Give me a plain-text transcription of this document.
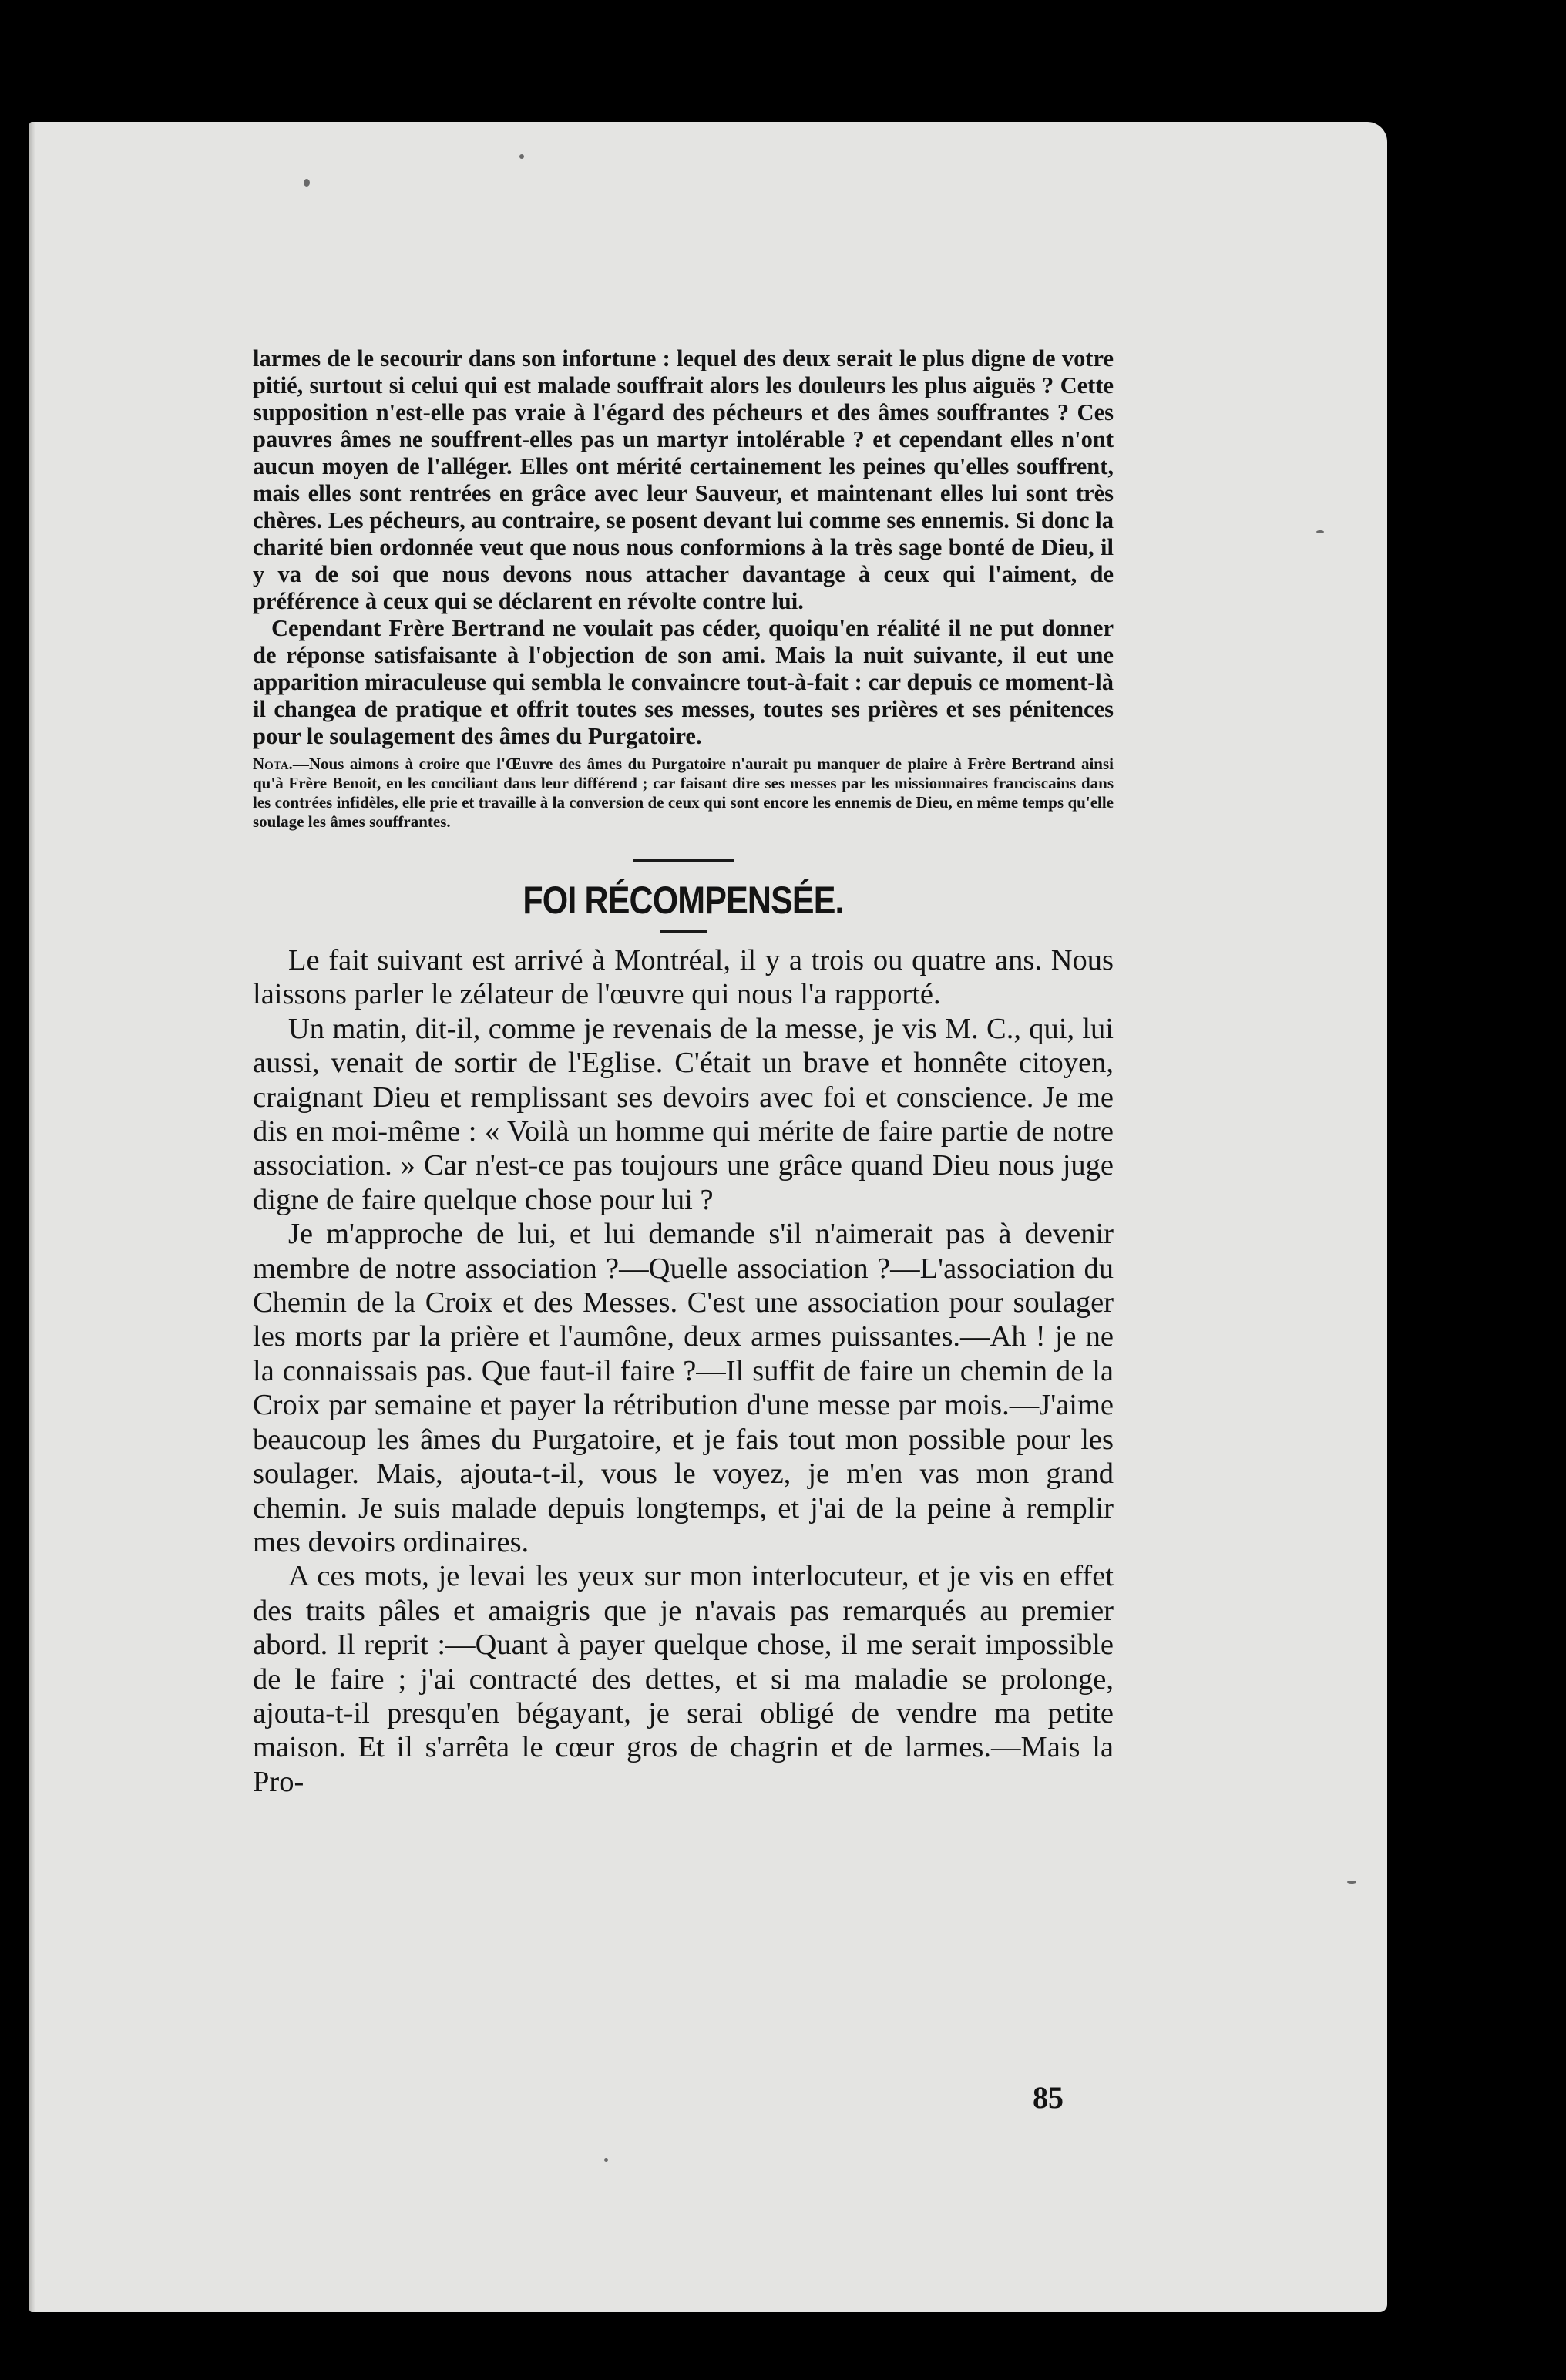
larmes de le secourir dans son infortune : lequel des deux serait le plus digne de votre pitié, surtout si celui qui est malade souffrait alors les douleurs les plus aiguës ? Cette supposition n'est-elle pas vraie à l'égard des pécheurs et des âmes souffrantes ? Ces pauvres âmes ne souffrent-elles pas un martyr intolérable ? et cependant elles n'ont aucun moyen de l'alléger. Elles ont mérité certainement les peines qu'elles souffrent, mais elles sont rentrées en grâce avec leur Sauveur, et maintenant elles lui sont très chères. Les pécheurs, au contraire, se posent devant lui comme ses ennemis. Si donc la charité bien ordonnée veut que nous nous conformions à la très sage bonté de Dieu, il y va de soi que nous devons nous attacher davantage à ceux qui l'aiment, de préférence à ceux qui se déclarent en révolte contre lui.

Cependant Frère Bertrand ne voulait pas céder, quoiqu'en réalité il ne put donner de réponse satisfaisante à l'objection de son ami. Mais la nuit suivante, il eut une apparition miraculeuse qui sembla le convaincre tout-à-fait : car depuis ce moment-là il changea de pratique et offrit toutes ses messes, toutes ses prières et ses pénitences pour le soulagement des âmes du Purgatoire.

Nota.—Nous aimons à croire que l'Œuvre des âmes du Purgatoire n'aurait pu manquer de plaire à Frère Bertrand ainsi qu'à Frère Benoit, en les conciliant dans leur différend ; car faisant dire ses messes par les missionnaires franciscains dans les contrées infidèles, elle prie et travaille à la conversion de ceux qui sont encore les ennemis de Dieu, en même temps qu'elle soulage les âmes souffrantes.

FOI RÉCOMPENSÉE.

Le fait suivant est arrivé à Montréal, il y a trois ou quatre ans. Nous laissons parler le zélateur de l'œuvre qui nous l'a rapporté.

Un matin, dit-il, comme je revenais de la messe, je vis M. C., qui, lui aussi, venait de sortir de l'Eglise. C'était un brave et honnête citoyen, craignant Dieu et remplissant ses devoirs avec foi et conscience. Je me dis en moi-même : « Voilà un homme qui mérite de faire partie de notre association. » Car n'est-ce pas toujours une grâce quand Dieu nous juge digne de faire quelque chose pour lui ?

Je m'approche de lui, et lui demande s'il n'aimerait pas à devenir membre de notre association ?—Quelle association ?—L'association du Chemin de la Croix et des Messes. C'est une association pour soulager les morts par la prière et l'aumône, deux armes puissantes.—Ah ! je ne la connaissais pas. Que faut-il faire ?—Il suffit de faire un chemin de la Croix par semaine et payer la rétribution d'une messe par mois.—J'aime beaucoup les âmes du Purgatoire, et je fais tout mon possible pour les soulager. Mais, ajouta-t-il, vous le voyez, je m'en vas mon grand chemin. Je suis malade depuis longtemps, et j'ai de la peine à remplir mes devoirs ordinaires.

A ces mots, je levai les yeux sur mon interlocuteur, et je vis en effet des traits pâles et amaigris que je n'avais pas remarqués au premier abord. Il reprit :—Quant à payer quelque chose, il me serait impossible de le faire ; j'ai contracté des dettes, et si ma maladie se prolonge, ajouta-t-il presqu'en bégayant, je serai obligé de vendre ma petite maison. Et il s'arrêta le cœur gros de chagrin et de larmes.—Mais la Pro-

85
